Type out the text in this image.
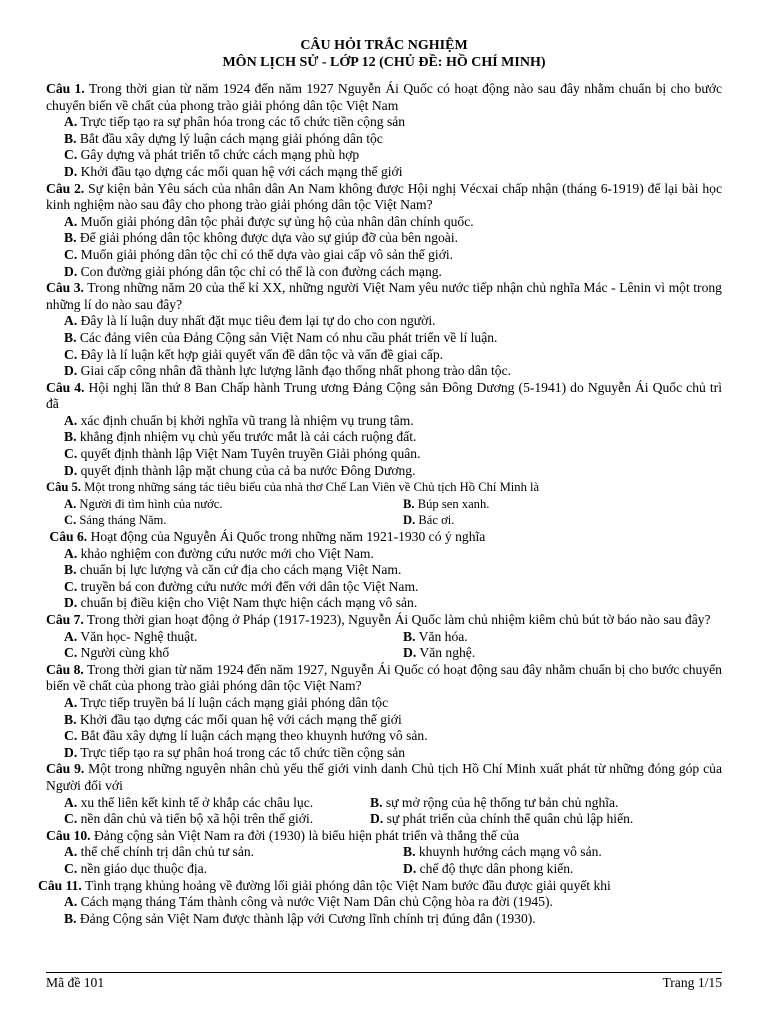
CÂU HỎI TRẮC NGHIỆM
MÔN LỊCH SỬ - LỚP 12 (CHỦ ĐỀ: HỒ CHÍ MINH)

Câu 1. Trong thời gian từ năm 1924 đến năm 1927 Nguyễn Ái Quốc có hoạt động nào sau đây nhằm chuẩn bị cho bước chuyển biến về chất của phong trào giải phóng dân tộc Việt Nam

A. Trực tiếp tạo ra sự phân hóa trong các tổ chức tiền cộng sản

B. Bắt đầu xây dựng lý luận cách mạng giải phóng dân tộc

C. Gây dựng và phát triển tổ chức cách mạng phù hợp

D. Khởi đầu tạo dựng các mối quan hệ với cách mạng thế giới

Câu 2. Sự kiện bản Yêu sách của nhân dân An Nam không được Hội nghị Vécxai chấp nhận (tháng 6-1919) để lại bài học kinh nghiệm nào sau đây cho phong trào giải phóng dân tộc Việt Nam?

A. Muốn giải phóng dân tộc phải được sự ủng hộ của nhân dân chính quốc.

B. Để giải phóng dân tộc không được dựa vào sự giúp đỡ của bên ngoài.

C. Muốn giải phóng dân tộc chỉ có thể dựa vào giai cấp vô sản thế giới.

D. Con đường giải phóng dân tộc chỉ có thể là con đường cách mạng.

Câu 3. Trong những năm 20 của thế kỉ XX, những người Việt Nam yêu nước tiếp nhận chủ nghĩa Mác - Lênin vì một trong những lí do nào sau đây?

A. Đây là lí luận duy nhất đặt mục tiêu đem lại tự do cho con người.

B. Các đảng viên của Đảng Cộng sản Việt Nam có nhu cầu phát triển về lí luận.

C. Đây là lí luận kết hợp giải quyết vấn đề dân tộc và vấn đề giai cấp.

D. Giai cấp công nhân đã thành lực lượng lãnh đạo thống nhất phong trào dân tộc.

Câu 4. Hội nghị lần thứ 8 Ban Chấp hành Trung ương Đảng Cộng sản Đông Dương (5-1941) do Nguyễn Ái Quốc chủ trì đã

A. xác định chuẩn bị khởi nghĩa vũ trang là nhiệm vụ trung tâm.

B. khẳng định nhiệm vụ chủ yếu trước mắt là cải cách ruộng đất.

C. quyết định thành lập Việt Nam Tuyên truyền Giải phóng quân.

D. quyết định thành lập mặt chung của cả ba nước Đông Dương.

Câu 5. Một trong những sáng tác tiêu biểu của nhà thơ Chế Lan Viên về Chủ tịch Hồ Chí Minh là

A. Người đi tìm hình của nước.	B. Búp sen xanh.
C. Sáng tháng Năm.	D. Bác ơi.

Câu 6. Hoạt động của Nguyễn Ái Quốc trong những năm 1921-1930 có ý nghĩa

A. khảo nghiệm con đường cứu nước mới cho Việt Nam.

B. chuẩn bị lực lượng và căn cứ địa cho cách mạng Việt Nam.

C. truyền bá con đường cứu nước mới đến với dân tộc Việt Nam.

D. chuẩn bị điều kiện cho Việt Nam thực hiện cách mạng vô sản.

Câu 7. Trong thời gian hoạt động ở Pháp (1917-1923), Nguyễn Ái Quốc làm chủ nhiệm kiêm chủ bút tờ báo nào sau đây?

A. Văn học- Nghệ thuật.	B. Văn hóa.
C. Người cùng khổ	D. Văn nghệ.

Câu 8. Trong thời gian từ năm 1924 đến năm 1927, Nguyễn Ái Quốc có hoạt động sau đây nhằm chuẩn bị cho bước chuyển biến về chất của phong trào giải phóng dân tộc Việt Nam?

A. Trực tiếp truyền bá lí luận cách mạng giải phóng dân tộc

B. Khởi đầu tạo dựng các mối quan hệ với cách mạng thế giới

C. Bắt đầu xây dựng lí luận cách mạng theo khuynh hướng vô sản.

D. Trực tiếp tạo ra sự phân hoá trong các tổ chức tiền cộng sản

Câu 9. Một trong những nguyên nhân chủ yếu thế giới vinh danh Chủ tịch Hồ Chí Minh xuất phát từ những đóng góp của Người đối với

A. xu thế liên kết kinh tế ở khắp các châu lục.	B. sự mở rộng của hệ thống tư bản chủ nghĩa.
C. nền dân chủ và tiến bộ xã hội trên thế giới.	D. sự phát triển của chính thể quân chủ lập hiến.

Câu 10. Đảng cộng sản Việt Nam ra đời (1930) là biểu hiện phát triển và thắng thế của

A. thể chế chính trị dân chủ tư sản.	B. khuynh hướng cách mạng vô sản.
C. nền giáo dục thuộc địa.	D. chế độ thực dân phong kiến.

Câu 11. Tình trạng khủng hoảng về đường lối giải phóng dân tộc Việt Nam bước đầu được giải quyết khi

A. Cách mạng tháng Tám thành công và nước Việt Nam Dân chủ Cộng hòa ra đời (1945).

B. Đảng Cộng sản Việt Nam được thành lập với Cương lĩnh chính trị đúng đắn (1930).

Mã đề 101	Trang 1/15
